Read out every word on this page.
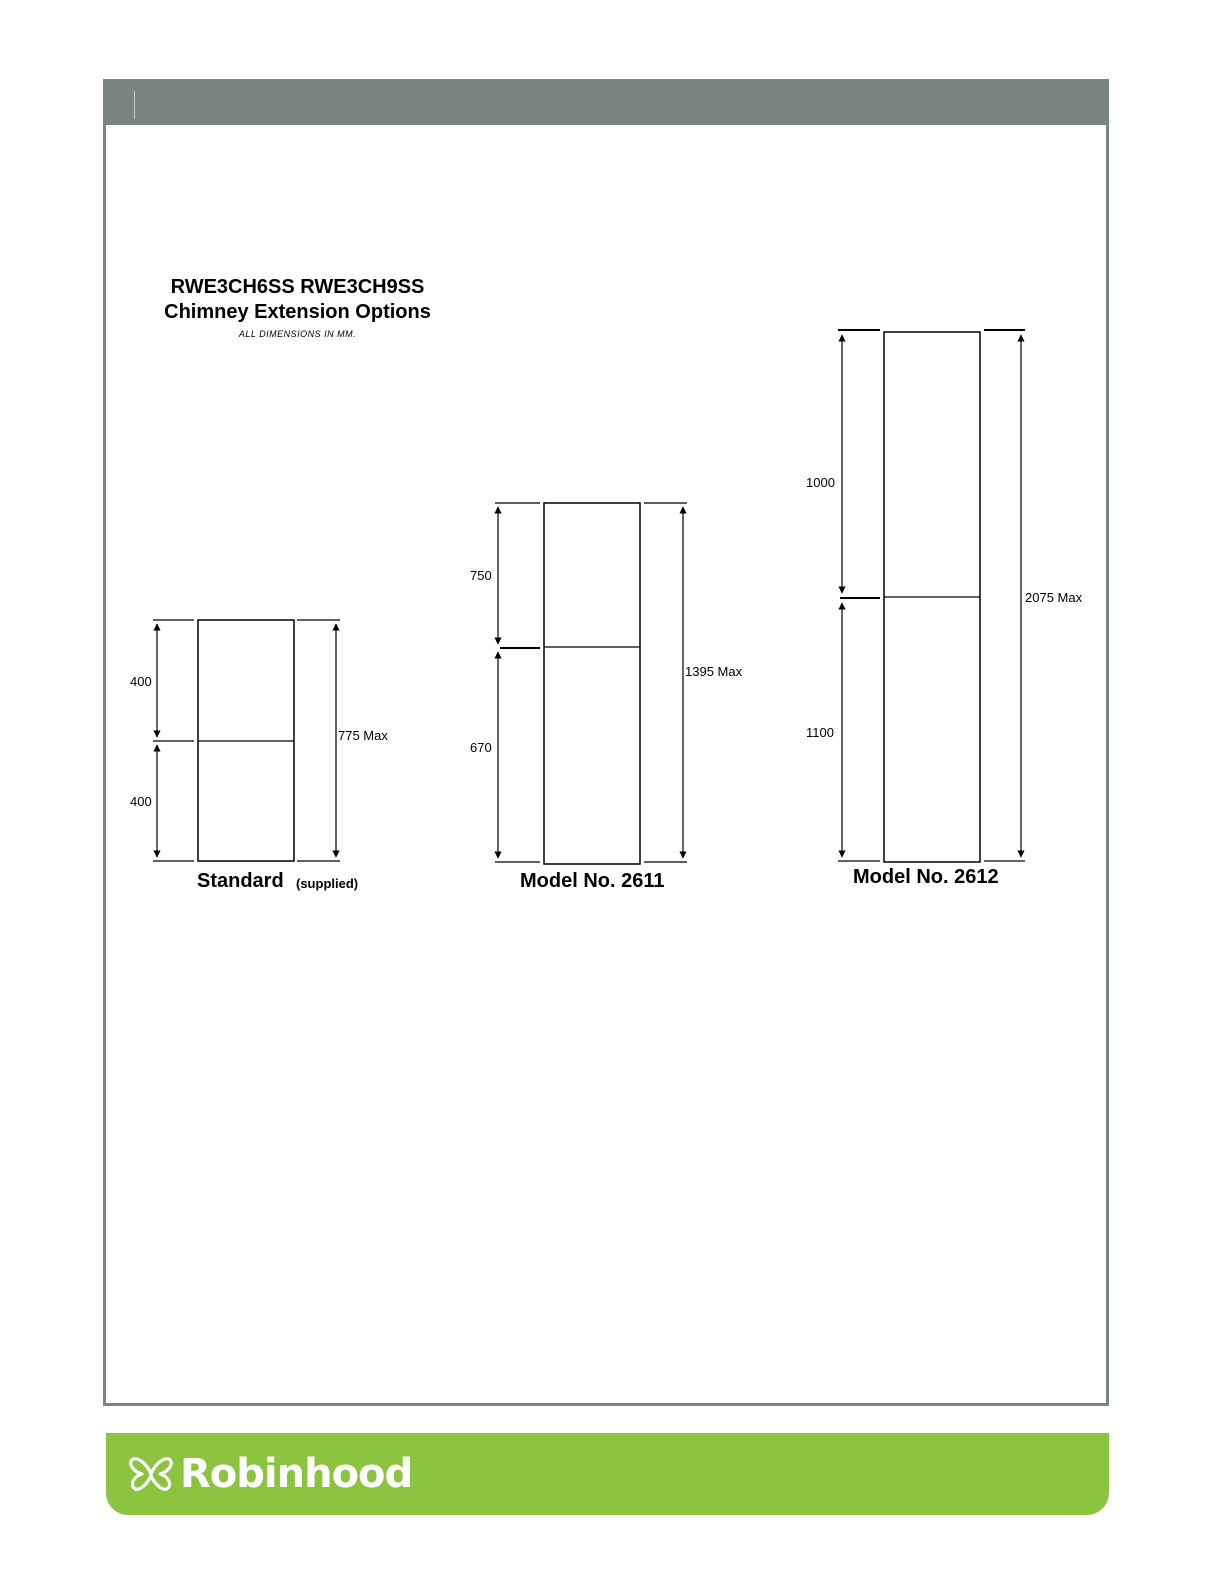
RWE3CH6SS RWE3CH9SS
Chimney Extension Options
ALL DIMENSIONS IN MM.
400
400
775 Max
Standard (supplied)
750
670
1395 Max
Model No. 2611
1000
1100
2075 Max
Model No. 2612
Robinhood
